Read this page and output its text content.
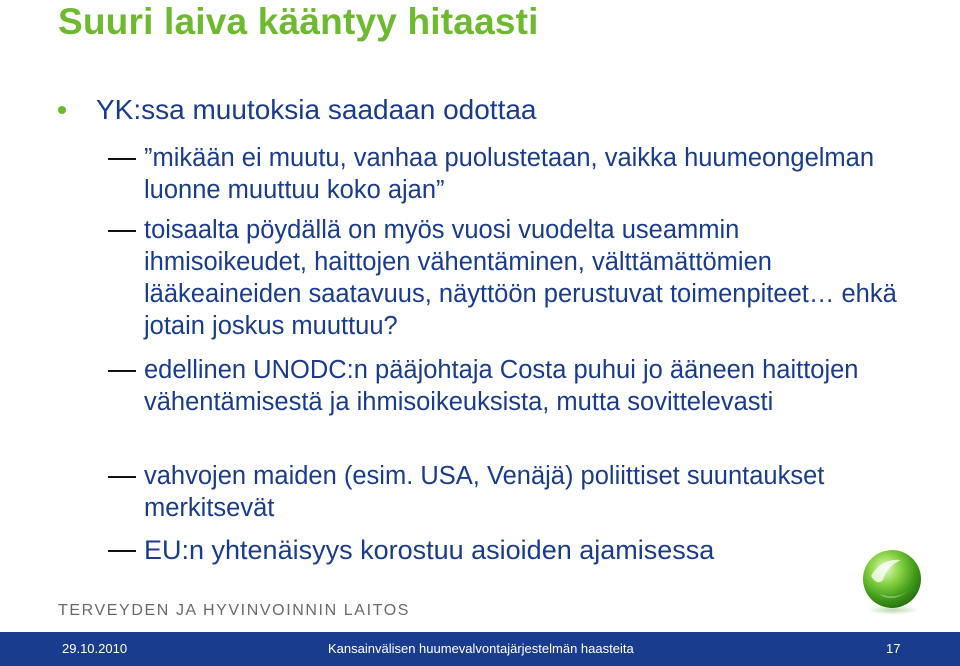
Suuri laiva kääntyy hitaasti
YK:ssa muutoksia saadaan odottaa
”mikään ei muutu, vanhaa puolustetaan, vaikka huumeongelman luonne muuttuu koko ajan”
toisaalta pöydällä on myös vuosi vuodelta useammin ihmisoikeudet, haittojen vähentäminen, välttämättömien lääkeaineiden saatavuus, näyttöön perustuvat toimenpiteet… ehkä jotain joskus muuttuu?
edellinen UNODC:n pääjohtaja Costa puhui jo ääneen haittojen vähentämisestä ja ihmisoikeuksista, mutta sovittelevasti
vahvojen maiden (esim. USA, Venäjä) poliittiset suuntaukset merkitsevät
EU:n yhtenäisyys korostuu asioiden ajamisessa
TERVEYDEN JA HYVINVOINNIN LAITOS
29.10.2010	Kansainvälisen huumevalvontajärjestelmän haasteita	17
